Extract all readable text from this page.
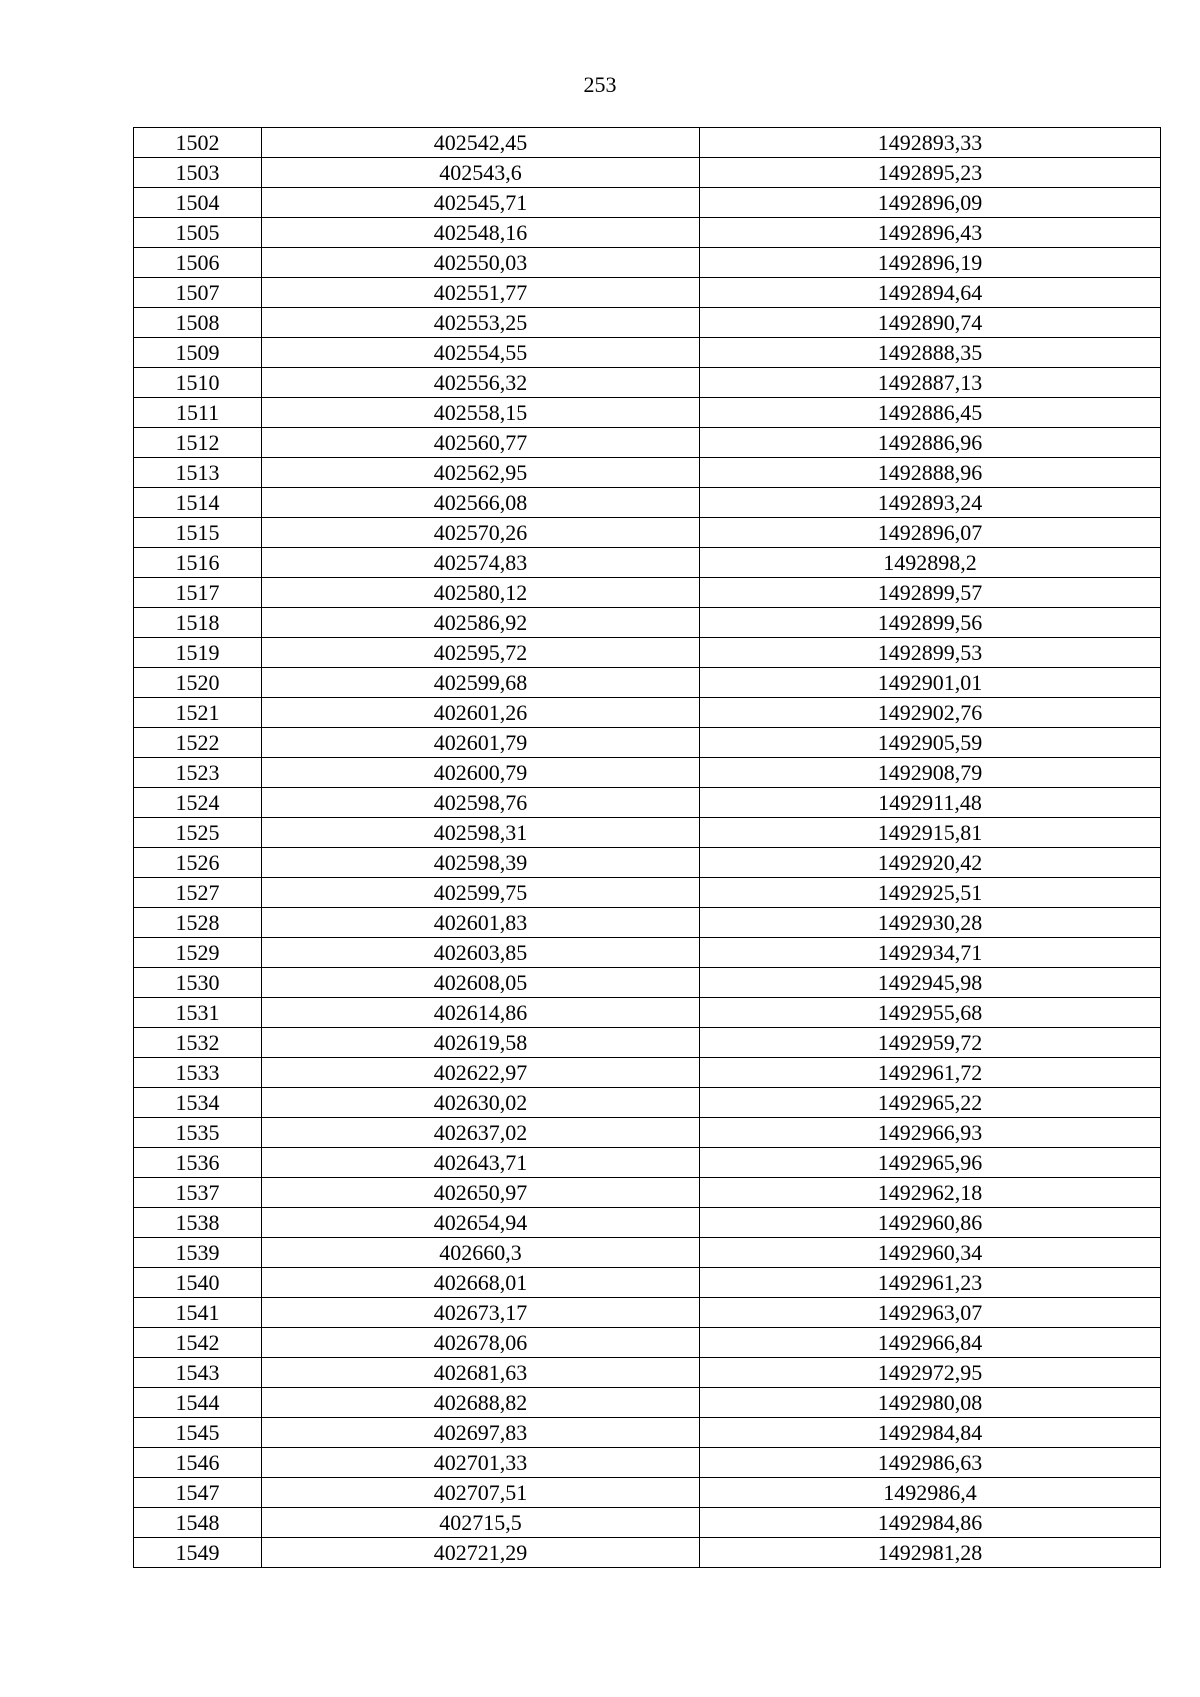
253
1502	402542,45	1492893,33
1503	402543,6	1492895,23
1504	402545,71	1492896,09
1505	402548,16	1492896,43
1506	402550,03	1492896,19
1507	402551,77	1492894,64
1508	402553,25	1492890,74
1509	402554,55	1492888,35
1510	402556,32	1492887,13
1511	402558,15	1492886,45
1512	402560,77	1492886,96
1513	402562,95	1492888,96
1514	402566,08	1492893,24
1515	402570,26	1492896,07
1516	402574,83	1492898,2
1517	402580,12	1492899,57
1518	402586,92	1492899,56
1519	402595,72	1492899,53
1520	402599,68	1492901,01
1521	402601,26	1492902,76
1522	402601,79	1492905,59
1523	402600,79	1492908,79
1524	402598,76	1492911,48
1525	402598,31	1492915,81
1526	402598,39	1492920,42
1527	402599,75	1492925,51
1528	402601,83	1492930,28
1529	402603,85	1492934,71
1530	402608,05	1492945,98
1531	402614,86	1492955,68
1532	402619,58	1492959,72
1533	402622,97	1492961,72
1534	402630,02	1492965,22
1535	402637,02	1492966,93
1536	402643,71	1492965,96
1537	402650,97	1492962,18
1538	402654,94	1492960,86
1539	402660,3	1492960,34
1540	402668,01	1492961,23
1541	402673,17	1492963,07
1542	402678,06	1492966,84
1543	402681,63	1492972,95
1544	402688,82	1492980,08
1545	402697,83	1492984,84
1546	402701,33	1492986,63
1547	402707,51	1492986,4
1548	402715,5	1492984,86
1549	402721,29	1492981,28
